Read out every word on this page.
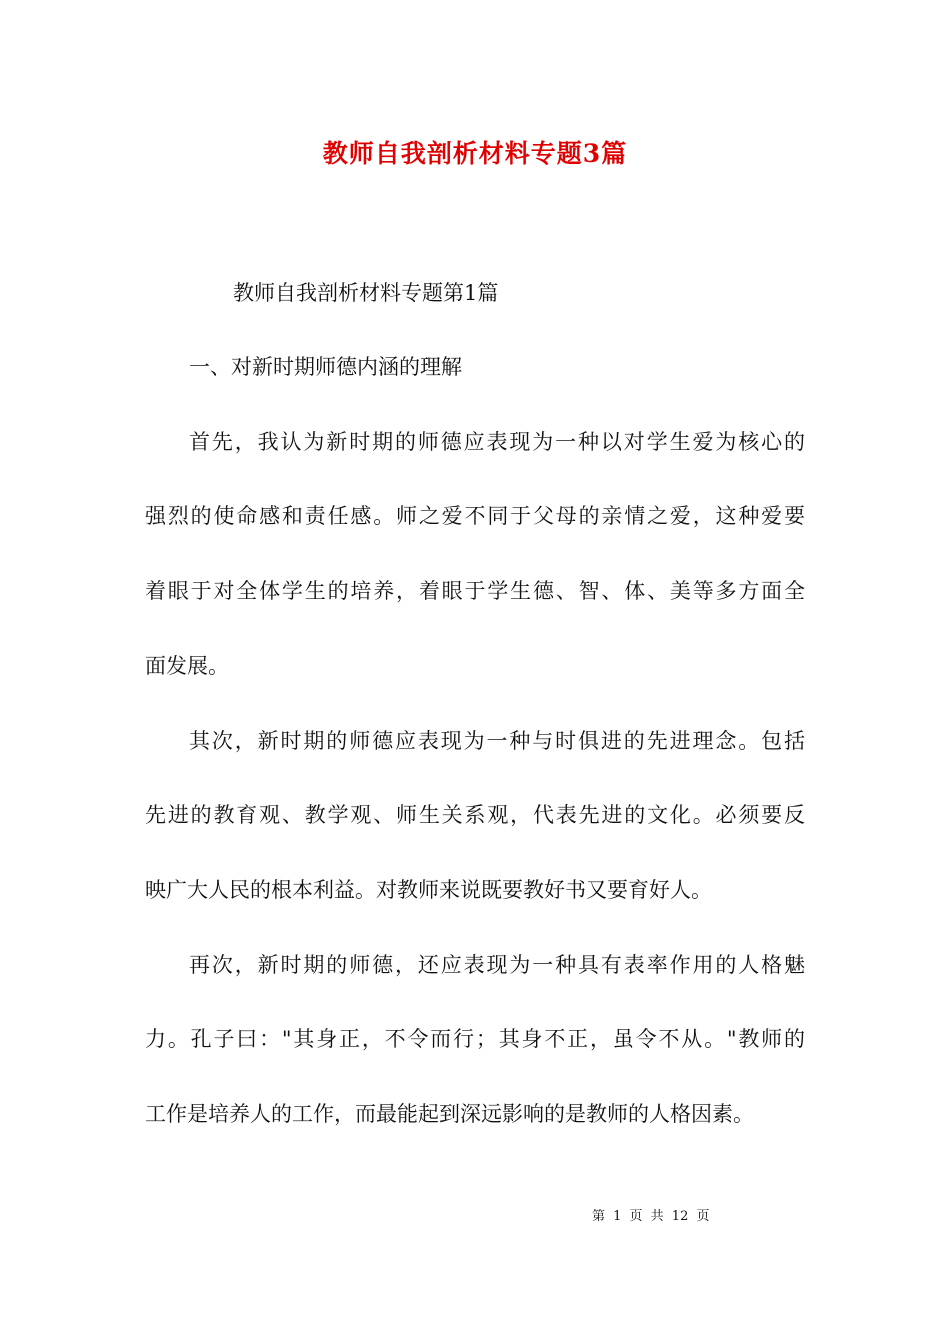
教师自我剖析材料专题3篇
教师自我剖析材料专题第1篇
一、对新时期师德内涵的理解
首先，我认为新时期的师德应表现为一种以对学生爱为核心的
强烈的使命感和责任感。师之爱不同于父母的亲情之爱，这种爱要
着眼于对全体学生的培养，着眼于学生德、智、体、美等多方面全
面发展。
其次，新时期的师德应表现为一种与时俱进的先进理念。包括
先进的教育观、教学观、师生关系观，代表先进的文化。必须要反
映广大人民的根本利益。对教师来说既要教好书又要育好人。
再次，新时期的师德，还应表现为一种具有表率作用的人格魅
力。孔子曰："其身正，不令而行；其身不正，虽令不从。"教师的
工作是培养人的工作，而最能起到深远影响的是教师的人格因素。
第 1 页 共 12 页
